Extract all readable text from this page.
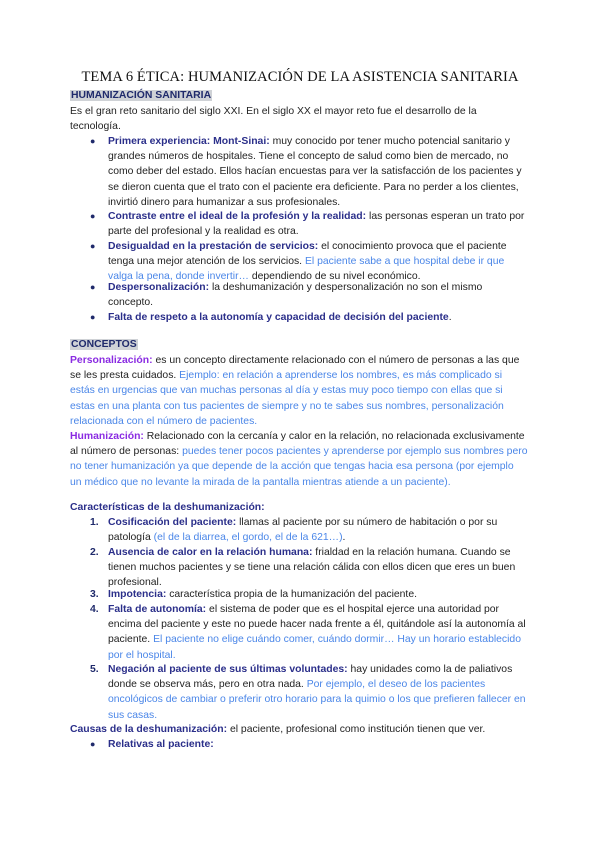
TEMA 6 ÉTICA: HUMANIZACIÓN DE LA ASISTENCIA SANITARIA
HUMANIZACIÓN SANITARIA

Es el gran reto sanitario del siglo XXI. En el siglo XX el mayor reto fue el desarrollo de la tecnología.

● Primera experiencia: Mont-Sinai: muy conocido por tener mucho potencial sanitario y grandes números de hospitales. Tiene el concepto de salud como bien de mercado, no como deber del estado. Ellos hacían encuestas para ver la satisfacción de los pacientes y se dieron cuenta que el trato con el paciente era deficiente. Para no perder a los clientes, invirtió dinero para humanizar a sus profesionales.
● Contraste entre el ideal de la profesión y la realidad: las personas esperan un trato por parte del profesional y la realidad es otra.
● Desigualdad en la prestación de servicios: el conocimiento provoca que el paciente tenga una mejor atención de los servicios. El paciente sabe a que hospital debe ir que valga la pena, donde invertir… dependiendo de su nivel económico.
● Despersonalización: la deshumanización y despersonalización no son el mismo concepto.
● Falta de respeto a la autonomía y capacidad de decisión del paciente.
CONCEPTOS

Personalización: es un concepto directamente relacionado con el número de personas a las que se les presta cuidados. Ejemplo: en relación a aprenderse los nombres, es más complicado si estás en urgencias que van muchas personas al día y estas muy poco tiempo con ellas que si estas en una planta con tus pacientes de siempre y no te sabes sus nombres, personalización relacionada con el número de pacientes.

Humanización: Relacionado con la cercanía y calor en la relación, no relacionada exclusivamente al número de personas: puedes tener pocos pacientes y aprenderse por ejemplo sus nombres pero no tener humanización ya que depende de la acción que tengas hacia esa persona (por ejemplo un médico que no levante la mirada de la pantalla mientras atiende a un paciente).

Características de la deshumanización:

1. Cosificación del paciente: llamas al paciente por su número de habitación o por su patología (el de la diarrea, el gordo, el de la 621…).
2. Ausencia de calor en la relación humana: frialdad en la relación humana. Cuando se tienen muchos pacientes y se tiene una relación cálida con ellos dicen que eres un buen profesional.
3. Impotencia: característica propia de la humanización del paciente.
4. Falta de autonomía: el sistema de poder que es el hospital ejerce una autoridad por encima del paciente y este no puede hacer nada frente a él, quitándole así la autonomía al paciente. El paciente no elige cuándo comer, cuándo dormir… Hay un horario establecido por el hospital.
5. Negación al paciente de sus últimas voluntades: hay unidades como la de paliativos donde se observa más, pero en otra nada. Por ejemplo, el deseo de los pacientes oncológicos de cambiar o preferir otro horario para la quimio o los que prefieren fallecer en sus casas.

Causas de la deshumanización: el paciente, profesional como institución tienen que ver.

● Relativas al paciente:
